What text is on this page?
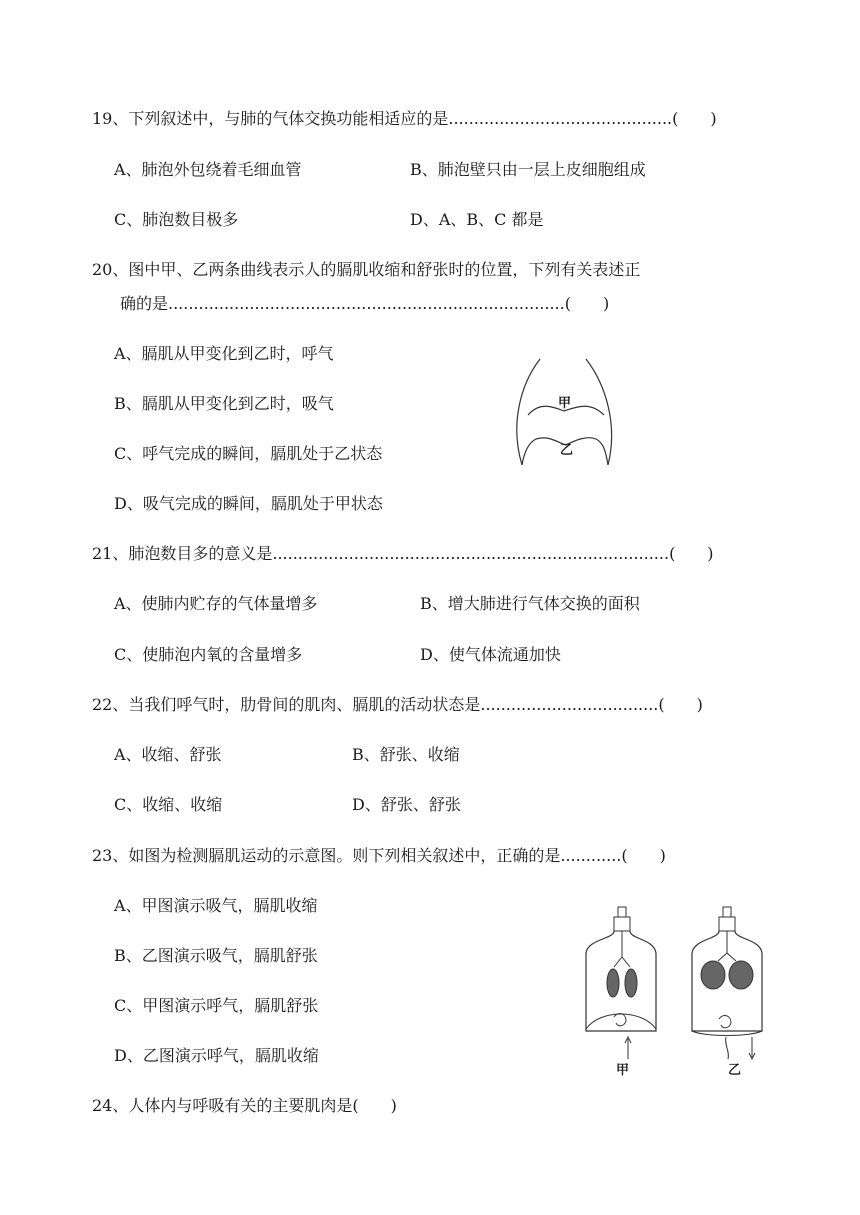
19、下列叙述中，与肺的气体交换功能相适应的是............................................(　　)
A、肺泡外包绕着毛细血管	B、肺泡壁只由一层上皮细胞组成
C、肺泡数目极多	D、A、B、C 都是
20、图中甲、乙两条曲线表示人的膈肌收缩和舒张时的位置，下列有关表述正
确的是..............................................................................(　　)
A、膈肌从甲变化到乙时，呼气
B、膈肌从甲变化到乙时，吸气
C、呼气完成的瞬间，膈肌处于乙状态
D、吸气完成的瞬间，膈肌处于甲状态
甲
乙
21、肺泡数目多的意义是..............................................................................(　　)
A、使肺内贮存的气体量增多	B、增大肺进行气体交换的面积
C、使肺泡内氧的含量增多	D、使气体流通加快
22、当我们呼气时，肋骨间的肌肉、膈肌的活动状态是...................................(　　)
A、收缩、舒张	B、舒张、收缩
C、收缩、收缩	D、舒张、舒张
23、如图为检测膈肌运动的示意图。则下列相关叙述中，正确的是............(　　)
A、甲图演示吸气，膈肌收缩
B、乙图演示吸气，膈肌舒张
C、甲图演示呼气，膈肌舒张
D、乙图演示呼气，膈肌收缩
甲	乙
24、人体内与呼吸有关的主要肌肉是(　　)
